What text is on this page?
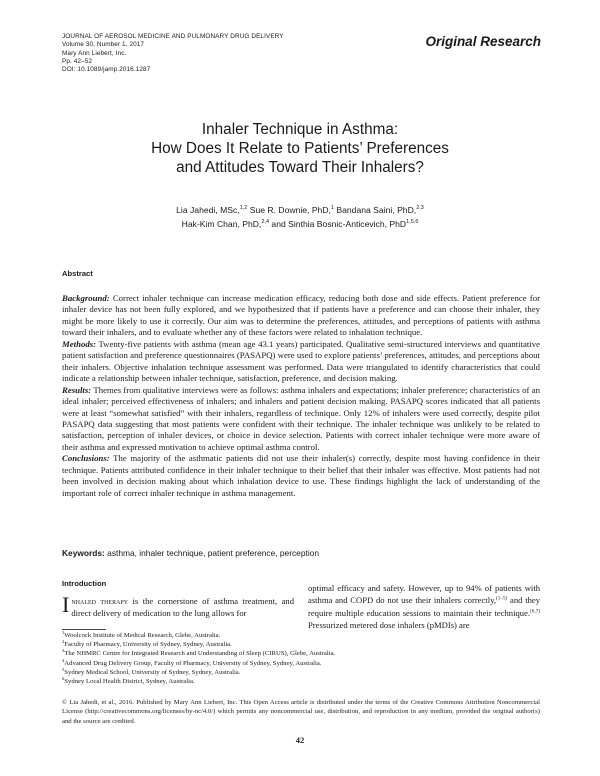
JOURNAL OF AEROSOL MEDICINE AND PULMONARY DRUG DELIVERY
Volume 30, Number 1, 2017
Mary Ann Liebert, Inc.
Pp. 42–52
DOI: 10.1089/jamp.2016.1287
Original Research
Inhaler Technique in Asthma:
How Does It Relate to Patients’ Preferences
and Attitudes Toward Their Inhalers?
Lia Jahedi, MSc,$^{1,2}$ Sue R. Downie, PhD,$^1$ Bandana Saini, PhD,$^{2,3}$
Hak-Kim Chan, PhD,$^{2,4}$ and Sinthia Bosnic-Anticevich, PhD$^{1,5,6}$
Abstract

Background: Correct inhaler technique can increase medication efficacy, reducing both dose and side effects. Patient preference for inhaler device has not been fully explored, and we hypothesized that if patients have a preference and can choose their inhaler, they might be more likely to use it correctly. Our aim was to determine the preferences, attitudes, and perceptions of patients with asthma toward their inhalers, and to evaluate whether any of these factors were related to inhalation technique.

Methods: Twenty-five patients with asthma (mean age 43.1 years) participated. Qualitative semi-structured interviews and quantitative patient satisfaction and preference questionnaires (PASAPQ) were used to explore patients’ preferences, attitudes, and perceptions about their inhalers. Objective inhalation technique assessment was performed. Data were triangulated to identify characteristics that could indicate a relationship between inhaler technique, satisfaction, preference, and decision making.

Results: Themes from qualitative interviews were as follows: asthma inhalers and expectations; inhaler preference; characteristics of an ideal inhaler; perceived effectiveness of inhalers; and inhalers and patient decision making. PASAPQ scores indicated that all patients were at least “somewhat satisfied” with their inhalers, regardless of technique. Only 12% of inhalers were used correctly, despite pilot PASAPQ data suggesting that most patients were confident with their technique. The inhaler technique was unlikely to be related to satisfaction, perception of inhaler devices, or choice in device selection. Patients with correct inhaler technique were more aware of their asthma and expressed motivation to achieve optimal asthma control.

Conclusions: The majority of the asthmatic patients did not use their inhaler(s) correctly, despite most having confidence in their technique. Patients attributed confidence in their inhaler technique to their belief that their inhaler was effective. Most patients had not been involved in decision making about which inhalation device to use. These findings highlight the lack of understanding of the important role of correct inhaler technique in asthma management.

Keywords: asthma, inhaler technique, patient preference, perception
Introduction

Inhaled therapy is the cornerstone of asthma treatment, and direct delivery of medication to the lung allows for

optimal efficacy and safety. However, up to 94% of patients with asthma and COPD do not use their inhalers correctly,$^{(1-5)}$ and they require multiple education sessions to maintain their technique.$^{(6,7)}$ Pressurized metered dose inhalers (pMDIs) are

$^1$Woolcock Institute of Medical Research, Glebe, Australia.
$^2$Faculty of Pharmacy, University of Sydney, Sydney, Australia.
$^3$The NHMRC Centre for Integrated Research and Understanding of Sleep (CIRUS), Glebe, Australia.
$^4$Advanced Drug Delivery Group, Faculty of Pharmacy, University of Sydney, Sydney, Australia.
$^5$Sydney Medical School, University of Sydney, Sydney, Australia.
$^6$Sydney Local Health District, Sydney, Australia.
© Lia Jahedi, et al., 2016. Published by Mary Ann Liebert, Inc. This Open Access article is distributed under the terms of the Creative Commons Attribution Noncommercial License (http://creativecommons.org/licenses/by-nc/4.0/) which permits any noncommercial use, distribution, and reproduction in any medium, provided the original author(s) and the source are credited.
42
